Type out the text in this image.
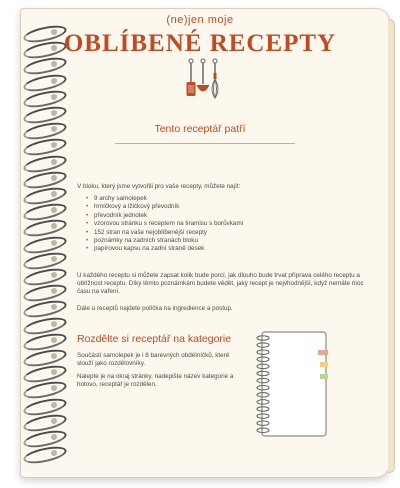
(ne)jen moje
OBLÍBENÉ RECEPTY
Tento receptář patří
V bloku, který jsme vytvořili pro vaše recepty, můžete najít:
• 9 archy samolepek
• hrníčkový a lžičkový převodník
• převodník jednotek
• vzorovou stránku s receptem na tiramisu s borůvkami
• 152 stran na vaše nejoblíbenější recepty
• poznámky na zadních stranách bloku
• papírovou kapsu na zadní straně desek
U každého receptu si můžete zapsat kolik bude porcí, jak dlouho bude trvat příprava celého receptu a obtížnost receptu. Díky těmto poznámkám budete vědět, jaký recept je nejvhodnější, když nemáte moc času na vaření.
Dále u receptů najdete políčka na ingredience a postup.
Rozdělte si receptář na kategorie
Součástí samolepek je i 8 barevných obdélníčků, které slouží jako rozdělovníky.
Nalepte je na okraj stránky, nadepište název kategorie a hotovo, receptář je rozdělen.
